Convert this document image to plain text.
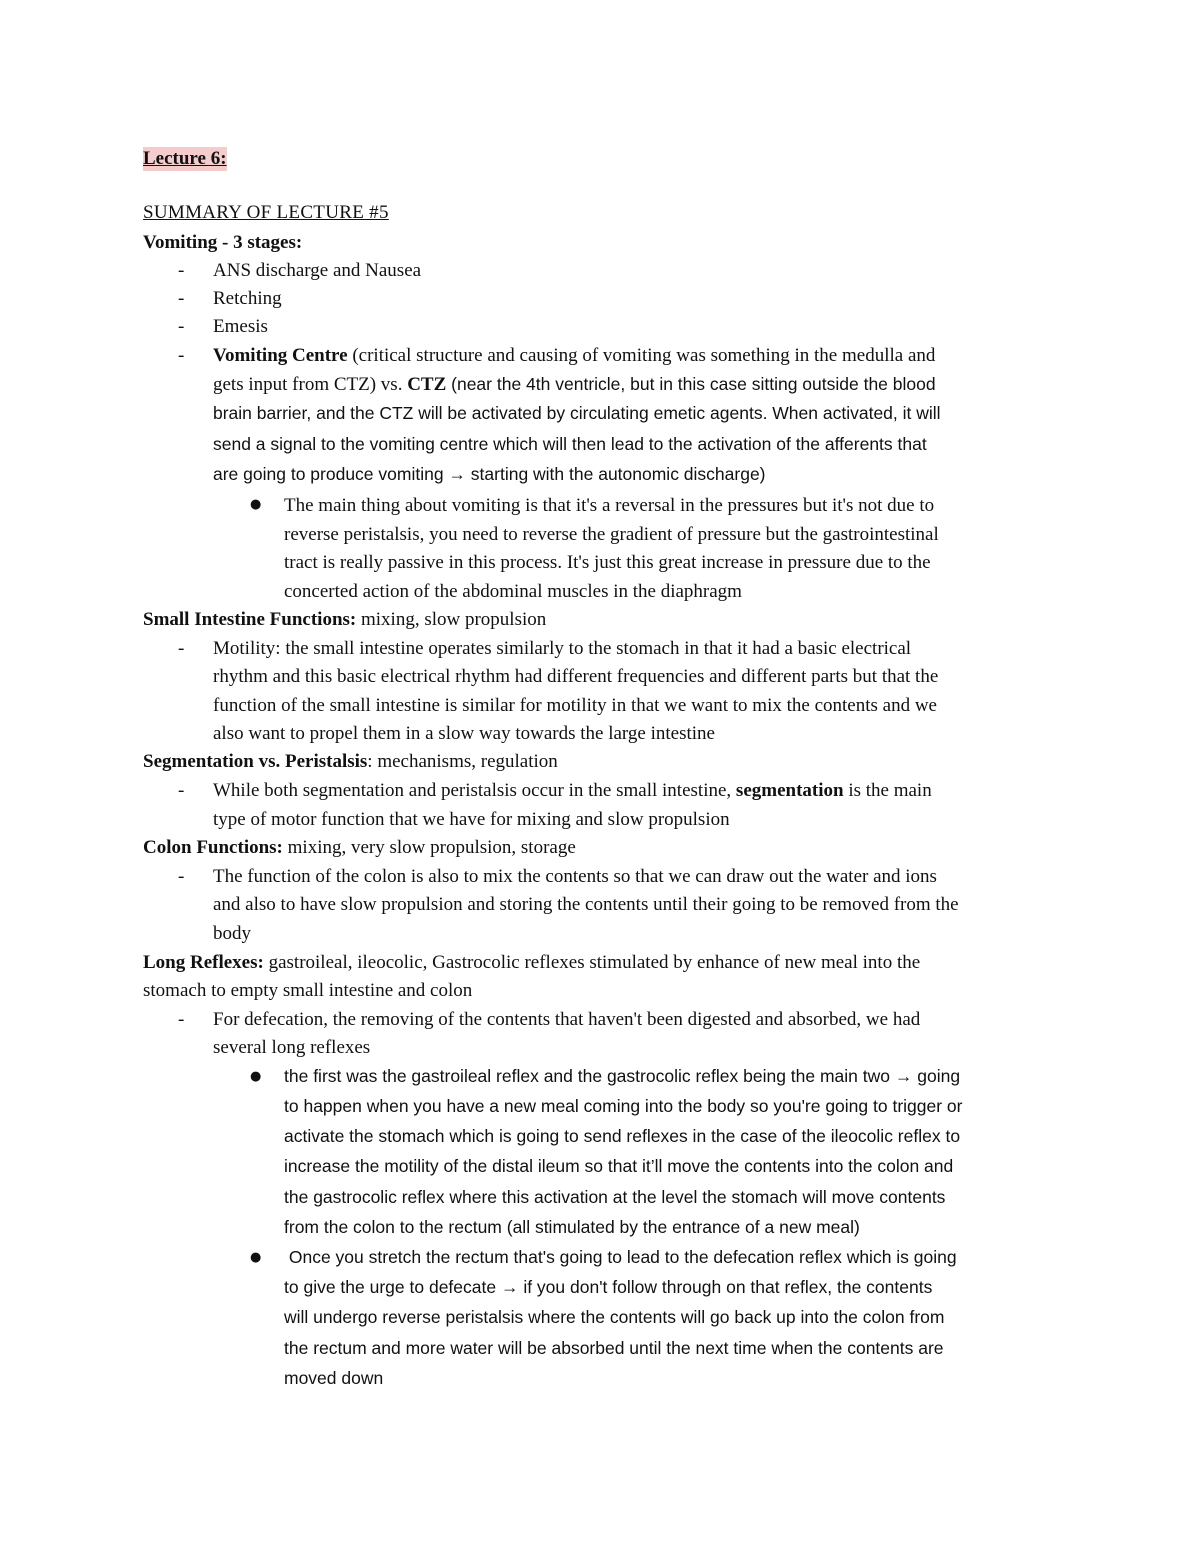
Lecture 6:
SUMMARY OF LECTURE #5
Vomiting - 3 stages:
- ANS discharge and Nausea
- Retching
- Emesis
- Vomiting Centre (critical structure and causing of vomiting was something in the medulla and
gets input from CTZ) vs. CTZ (near the 4th ventricle, but in this case sitting outside the blood
brain barrier, and the CTZ will be activated by circulating emetic agents. When activated, it will
send a signal to the vomiting centre which will then lead to the activation of the afferents that
are going to produce vomiting → starting with the autonomic discharge)
● The main thing about vomiting is that it's a reversal in the pressures but it's not due to
reverse peristalsis, you need to reverse the gradient of pressure but the gastrointestinal
tract is really passive in this process. It's just this great increase in pressure due to the
concerted action of the abdominal muscles in the diaphragm
Small Intestine Functions: mixing, slow propulsion
- Motility: the small intestine operates similarly to the stomach in that it had a basic electrical
rhythm and this basic electrical rhythm had different frequencies and different parts but that the
function of the small intestine is similar for motility in that we want to mix the contents and we
also want to propel them in a slow way towards the large intestine
Segmentation vs. Peristalsis: mechanisms, regulation
- While both segmentation and peristalsis occur in the small intestine, segmentation is the main
type of motor function that we have for mixing and slow propulsion
Colon Functions: mixing, very slow propulsion, storage
- The function of the colon is also to mix the contents so that we can draw out the water and ions
and also to have slow propulsion and storing the contents until their going to be removed from the
body
Long Reflexes: gastroileal, ileocolic, Gastrocolic reflexes stimulated by enhance of new meal into the
stomach to empty small intestine and colon
- For defecation, the removing of the contents that haven't been digested and absorbed, we had
several long reflexes
● the first was the gastroileal reflex and the gastrocolic reflex being the main two → going
to happen when you have a new meal coming into the body so you're going to trigger or
activate the stomach which is going to send reflexes in the case of the ileocolic reflex to
increase the motility of the distal ileum so that it’ll move the contents into the colon and
the gastrocolic reflex where this activation at the level the stomach will move contents
from the colon to the rectum (all stimulated by the entrance of a new meal)
● Once you stretch the rectum that's going to lead to the defecation reflex which is going
to give the urge to defecate → if you don't follow through on that reflex, the contents
will undergo reverse peristalsis where the contents will go back up into the colon from
the rectum and more water will be absorbed until the next time when the contents are
moved down
